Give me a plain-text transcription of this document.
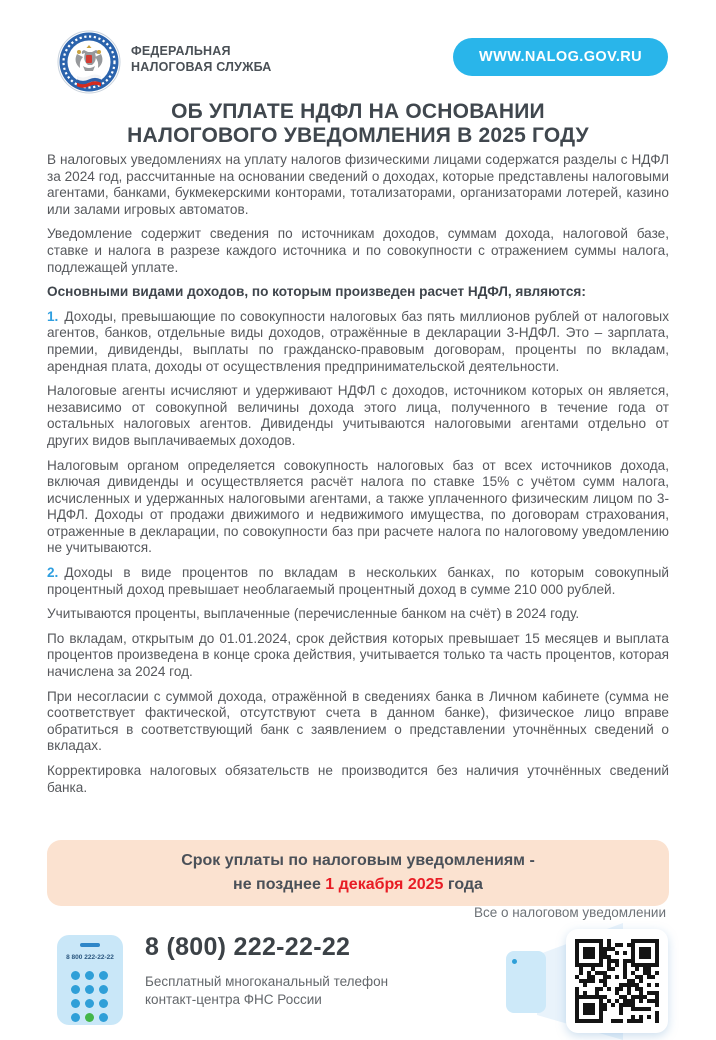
ФЕДЕРАЛЬНАЯ
НАЛОГОВАЯ СЛУЖБА
WWW.NALOG.GOV.RU
ОБ УПЛАТЕ НДФЛ НА ОСНОВАНИИ
НАЛОГОВОГО УВЕДОМЛЕНИЯ В 2025 ГОДУ

В налоговых уведомлениях на уплату налогов физическими лицами содержатся разделы с НДФЛ за 2024 год, рассчитанные на основании сведений о доходах, которые представлены налоговыми агентами, банками, букмекерскими конторами, тотализаторами, организаторами лотерей, казино или залами игровых автоматов.

Уведомление содержит сведения по источникам доходов, суммам дохода, налоговой базе, ставке и налога в разрезе каждого источника и по совокупности с отражением суммы налога, подлежащей уплате.

Основными видами доходов, по которым произведен расчет НДФЛ, являются:

1. Доходы, превышающие по совокупности налоговых баз пять миллионов рублей от налоговых агентов, банков, отдельные виды доходов, отражённые в декларации 3-НДФЛ. Это – зарплата, премии, дивиденды, выплаты по гражданско-правовым договорам, проценты по вкладам, арендная плата, доходы от осуществления предпринимательской деятельности.

Налоговые агенты исчисляют и удерживают НДФЛ с доходов, источником которых он является, независимо от совокупной величины дохода этого лица, полученного в течение года от остальных налоговых агентов. Дивиденды учитываются налоговыми агентами отдельно от других видов выплачиваемых доходов.

Налоговым органом определяется совокупность налоговых баз от всех источников дохода, включая дивиденды и осуществляется расчёт налога по ставке 15% с учётом сумм налога, исчисленных и удержанных налоговыми агентами, а также уплаченного физическим лицом по 3-НДФЛ. Доходы от продажи движимого и недвижимого имущества, по договорам страхования, отраженные в декларации, по совокупности баз при расчете налога по налоговому уведомлению не учитываются.

2. Доходы в виде процентов по вкладам в нескольких банках, по которым совокупный процентный доход превышает необлагаемый процентный доход в сумме 210 000 рублей.

Учитываются проценты, выплаченные (перечисленные банком на счёт) в 2024 году.

По вкладам, открытым до 01.01.2024, срок действия которых превышает 15 месяцев и выплата процентов произведена в конце срока действия, учитывается только та часть процентов, которая начислена за 2024 год.

При несогласии с суммой дохода, отражённой в сведениях банка в Личном кабинете (сумма не соответствует фактической, отсутствуют счета в данном банке), физическое лицо вправе обратиться в соответствующий банк с заявлением о представлении уточнённых сведений о вкладах.

Корректировка налоговых обязательств не производится без наличия уточнённых сведений банка.

Срок уплаты по налоговым уведомлениям -
не позднее 1 декабря 2025 года
8 800 222-22-22	8 (800) 222-22-22
Бесплатный многоканальный телефон
контакт-центра ФНС России
Все о налоговом уведомлении
